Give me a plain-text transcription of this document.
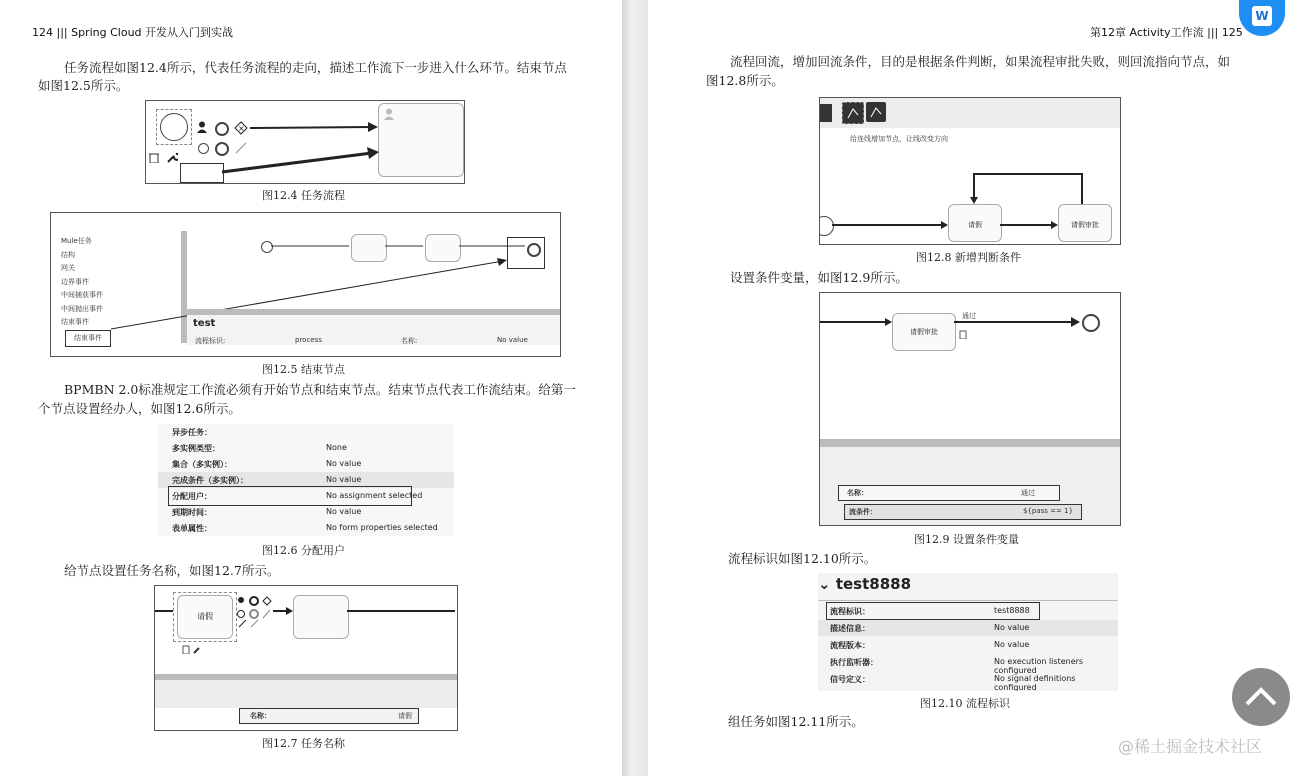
124 ||| Spring Cloud 开发从入门到实战
任务流程如图12.4所示，代表任务流程的走向，描述工作流下一步进入什么环节。结束节点
如图12.5所示。
×
图12.4 任务流程
Mule任务
结构
网关
边界事件
中间捕获事件
中间抛出事件
结束事件
结束事件
test
流程标识:	process	名称:	No value
图12.5 结束节点
BPMBN 2.0标准规定工作流必须有开始节点和结束节点。结束节点代表工作流结束。给第一
个节点设置经办人，如图12.6所示。
异步任务：
多实例类型：	None
集合（多实例）：	No value
完成条件（多实例）：	No value
分配用户：	No assignment selected
到期时间：	No value
表单属性：	No form properties selected
图12.6 分配用户
给节点设置任务名称，如图12.7所示。
请假
名称：	请假
图12.7 任务名称
第12章 Activity工作流 ||| 125
流程回流，增加回流条件，目的是根据条件判断，如果流程审批失败，则回流指向节点，如
图12.8所示。
给连线增加节点，让线改变方向
请假	请假审批
图12.8 新增判断条件
设置条件变量，如图12.9所示。
请假审批
通过
名称：	通过
流条件：	${pass == 1}
图12.9 设置条件变量
流程标识如图12.10所示。
⌄ test8888
流程标识：	test8888
描述信息：	No value
流程版本：	No value
执行监听器：	No execution listeners configured
信号定义：	No signal definitions configured
图12.10 流程标识
组任务如图12.11所示。
W
@稀土掘金技术社区
